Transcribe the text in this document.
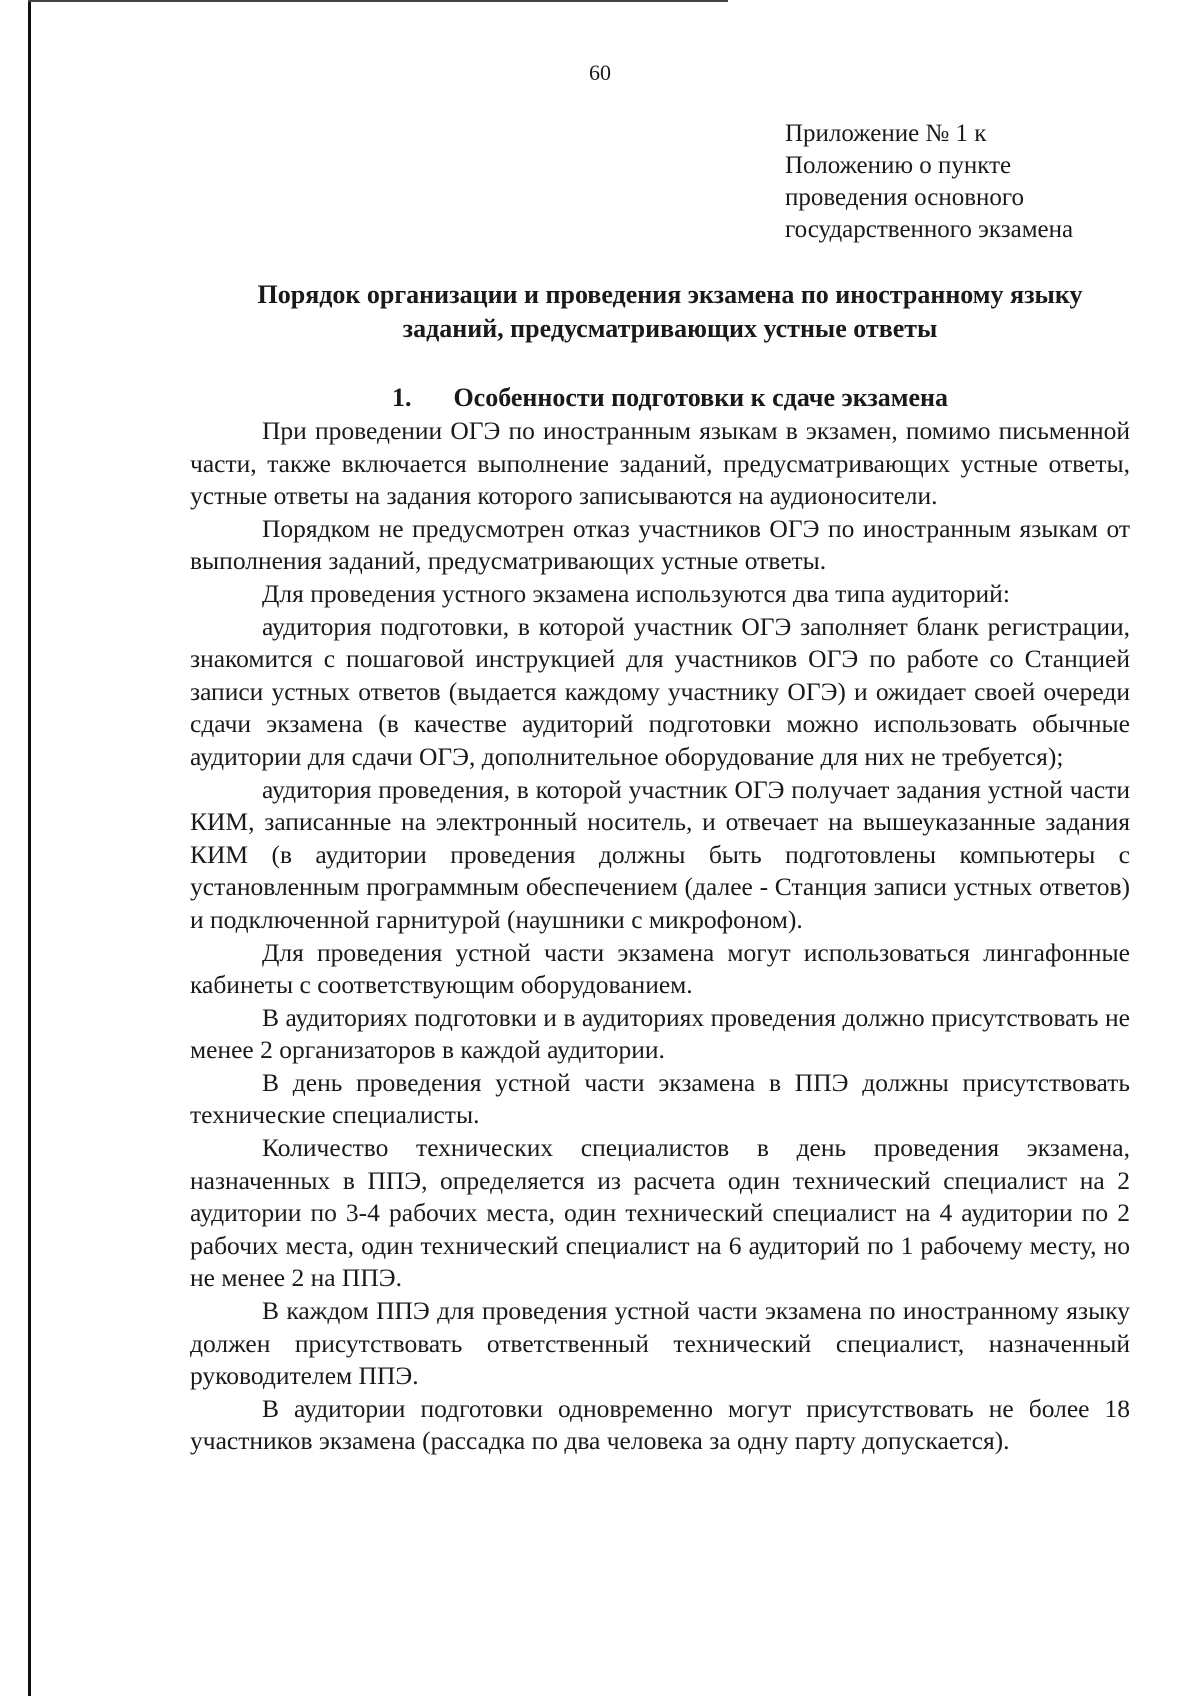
60
Приложение № 1 к
Положению о пункте
проведения основного
государственного экзамена
Порядок организации и проведения экзамена по иностранному языку
заданий, предусматривающих устные ответы
1. Особенности подготовки к сдаче экзамена

При проведении ОГЭ по иностранным языкам в экзамен, помимо письменной части, также включается выполнение заданий, предусматривающих устные ответы, устные ответы на задания которого записываются на аудионосители.

Порядком не предусмотрен отказ участников ОГЭ по иностранным языкам от выполнения заданий, предусматривающих устные ответы.

Для проведения устного экзамена используются два типа аудиторий:

аудитория подготовки, в которой участник ОГЭ заполняет бланк регистрации, знакомится с пошаговой инструкцией для участников ОГЭ по работе со Станцией записи устных ответов (выдается каждому участнику ОГЭ) и ожидает своей очереди сдачи экзамена (в качестве аудиторий подготовки можно использовать обычные аудитории для сдачи ОГЭ, дополнительное оборудование для них не требуется);

аудитория проведения, в которой участник ОГЭ получает задания устной части КИМ, записанные на электронный носитель, и отвечает на вышеуказанные задания КИМ (в аудитории проведения должны быть подготовлены компьютеры с установленным программным обеспечением (далее - Станция записи устных ответов) и подключенной гарнитурой (наушники с микрофоном).

Для проведения устной части экзамена могут использоваться лингафонные кабинеты с соответствующим оборудованием.

В аудиториях подготовки и в аудиториях проведения должно присутствовать не менее 2 организаторов в каждой аудитории.

В день проведения устной части экзамена в ППЭ должны присутствовать технические специалисты.

Количество технических специалистов в день проведения экзамена, назначенных в ППЭ, определяется из расчета один технический специалист на 2 аудитории по 3-4 рабочих места, один технический специалист на 4 аудитории по 2 рабочих места, один технический специалист на 6 аудиторий по 1 рабочему месту, но не менее 2 на ППЭ.

В каждом ППЭ для проведения устной части экзамена по иностранному языку должен присутствовать ответственный технический специалист, назначенный руководителем ППЭ.

В аудитории подготовки одновременно могут присутствовать не более 18 участников экзамена (рассадка по два человека за одну парту допускается).
